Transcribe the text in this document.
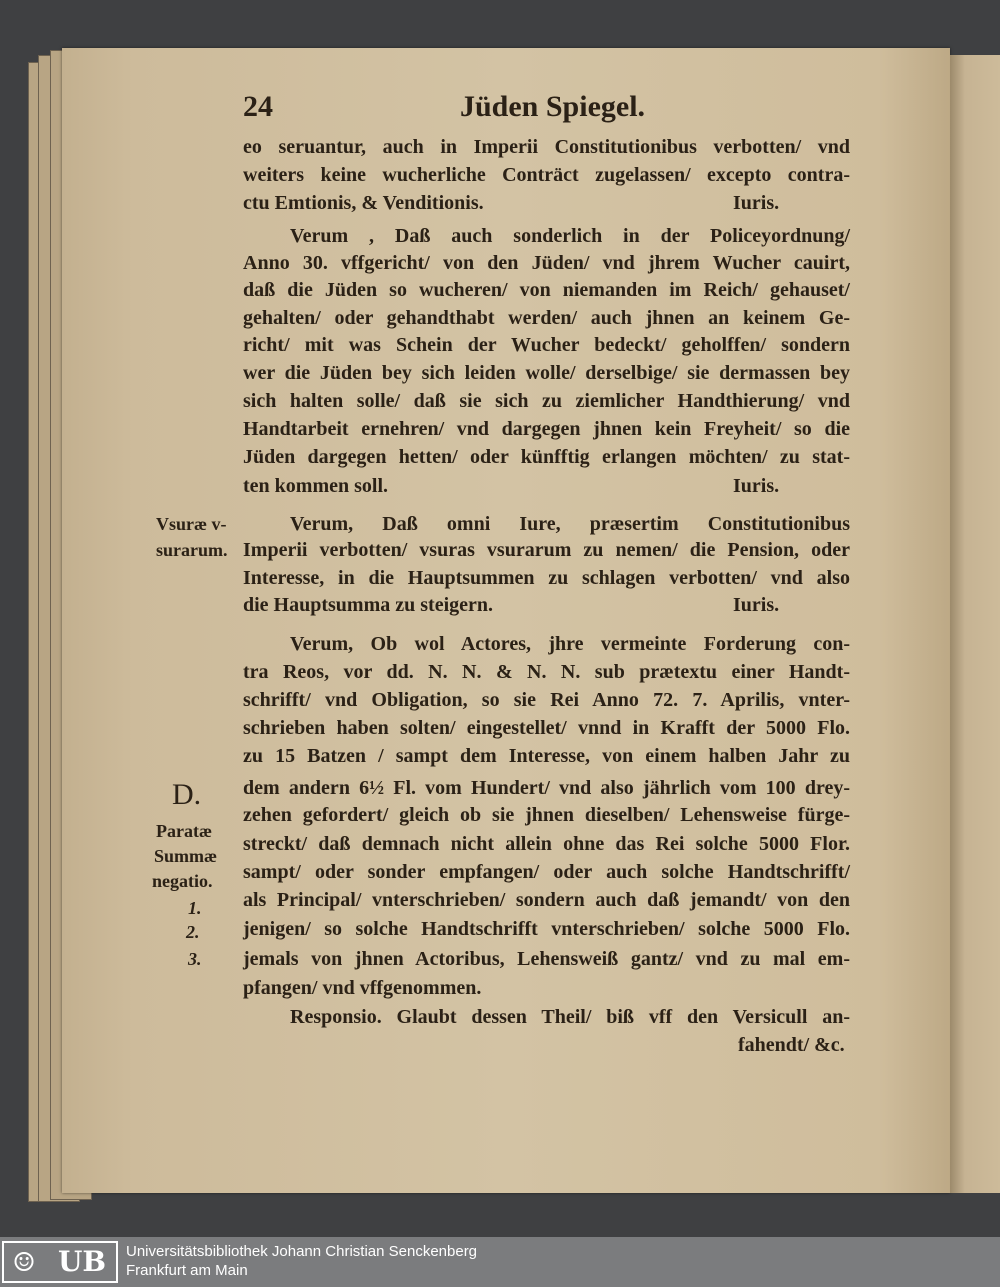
24	Jüden Spiegel.
eo seruantur, auch in Imperii Constitutionibus verbotten/ vnd
weiters keine wucherliche Conträct zugelassen/ excepto contra-
ctu Emtionis, & Venditionis.	Iuris.
Verum , Daß auch sonderlich in der Policeyordnung/
Anno 30. vffgericht/ von den Jüden/ vnd jhrem Wucher cauirt,
daß die Jüden so wucheren/ von niemanden im Reich/ gehauset/
gehalten/ oder gehandthabt werden/ auch jhnen an keinem Ge-
richt/ mit was Schein der Wucher bedeckt/ geholffen/ sondern
wer die Jüden bey sich leiden wolle/ derselbige/ sie dermassen bey
sich halten solle/ daß sie sich zu ziemlicher Handthierung/ vnd
Handtarbeit ernehren/ vnd dargegen jhnen kein Freyheit/ so die
Jüden dargegen hetten/ oder künfftig erlangen möchten/ zu stat-
ten kommen soll.	Iuris.
Verum, Daß omni Iure, præsertim Constitutionibus
Imperii verbotten/ vsuras vsurarum zu nemen/ die Pension, oder
Interesse, in die Hauptsummen zu schlagen verbotten/ vnd also
die Hauptsumma zu steigern.	Iuris.
Verum, Ob wol Actores, jhre vermeinte Forderung con-
tra Reos, vor dd. N. N. & N. N. sub prætextu einer Handt-
schrifft/ vnd Obligation, so sie Rei Anno 72. 7. Aprilis, vnter-
schrieben haben solten/ eingestellet/ vnnd in Krafft der 5000 Flo.
zu 15 Batzen / sampt dem Interesse, von einem halben Jahr zu
dem andern 6½ Fl. vom Hundert/ vnd also jährlich vom 100 drey-
zehen gefordert/ gleich ob sie jhnen dieselben/ Lehensweise fürge-
streckt/ daß demnach nicht allein ohne das Rei solche 5000 Flor.
sampt/ oder sonder empfangen/ oder auch solche Handtschrifft/
als Principal/ vnterschrieben/ sondern auch daß jemandt/ von den
jenigen/ so solche Handtschrifft vnterschrieben/ solche 5000 Flo.
jemals von jhnen Actoribus, Lehensweiß gantz/ vnd zu mal em-
pfangen/ vnd vffgenommen.
Responsio. Glaubt dessen Theil/ biß vff den Versicull an-
fahendt/ &c.
Vsuræ v-
surarum.
D.
Paratæ
Summæ
negatio.
1.
2.
3.
☺ UB Universitätsbibliothek Johann Christian Senckenberg
Frankfurt am Main
